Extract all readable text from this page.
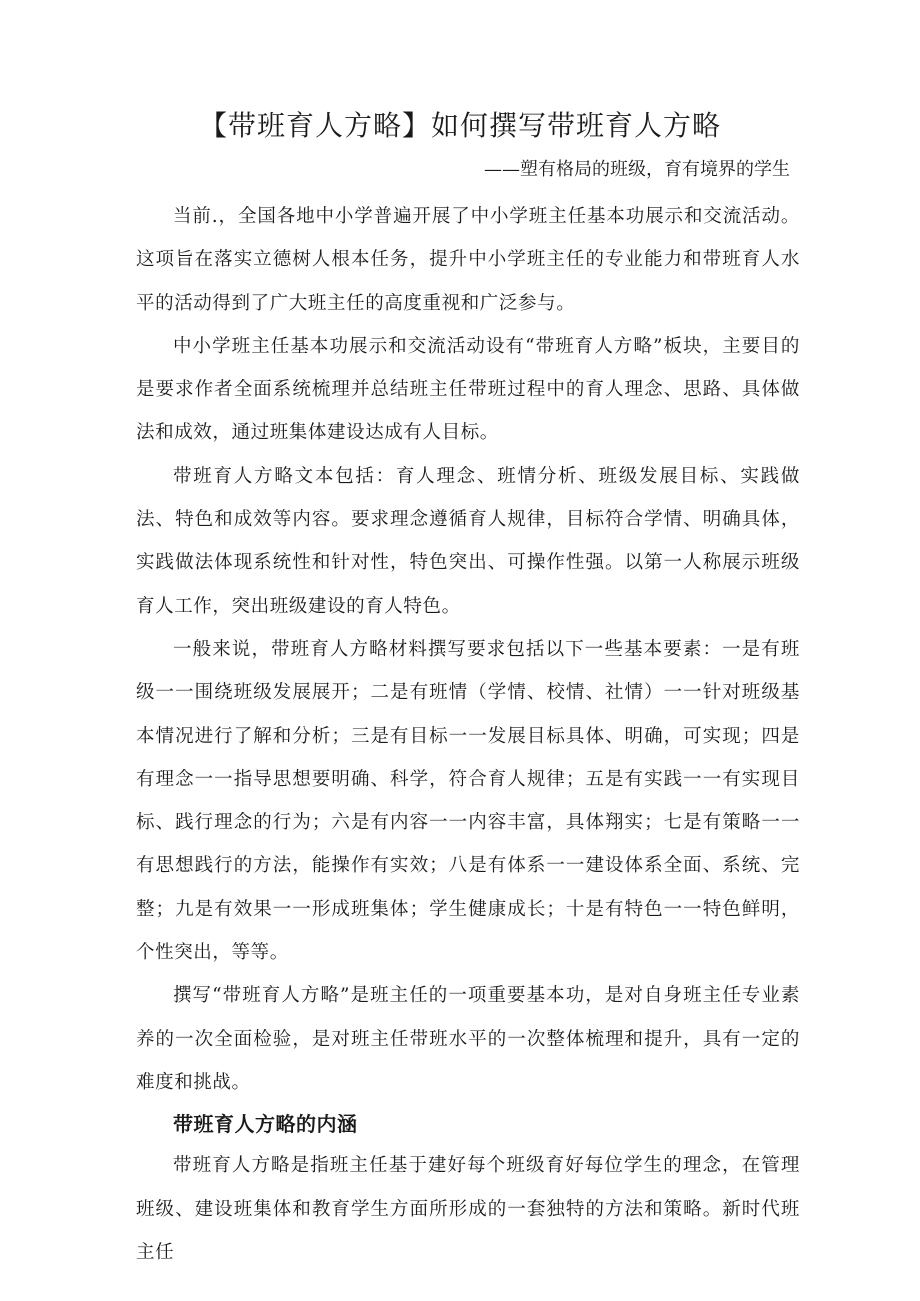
【带班育人方略】如何撰写带班育人方略
——塑有格局的班级，育有境界的学生

当前.，全国各地中小学普遍开展了中小学班主任基本功展示和交流活动。这项旨在落实立德树人根本任务，提升中小学班主任的专业能力和带班育人水平的活动得到了广大班主任的高度重视和广泛参与。

中小学班主任基本功展示和交流活动设有“带班育人方略”板块，主要目的是要求作者全面系统梳理并总结班主任带班过程中的育人理念、思路、具体做法和成效，通过班集体建设达成有人目标。

带班育人方略文本包括：育人理念、班情分析、班级发展目标、实践做法、特色和成效等内容。要求理念遵循育人规律，目标符合学情、明确具体，实践做法体现系统性和针对性，特色突出、可操作性强。以第一人称展示班级育人工作，突出班级建设的育人特色。

一般来说，带班育人方略材料撰写要求包括以下一些基本要素：一是有班级一一围绕班级发展展开；二是有班情（学情、校情、社情）一一针对班级基本情况进行了解和分析；三是有目标一一发展目标具体、明确，可实现；四是有理念一一指导思想要明确、科学，符合育人规律；五是有实践一一有实现目标、践行理念的行为；六是有内容一一内容丰富，具体翔实；七是有策略一一有思想践行的方法，能操作有实效；八是有体系一一建设体系全面、系统、完整；九是有效果一一形成班集体；学生健康成长；十是有特色一一特色鲜明，个性突出，等等。

撰写“带班育人方略”是班主任的一项重要基本功，是对自身班主任专业素养的一次全面检验，是对班主任带班水平的一次整体梳理和提升，具有一定的难度和挑战。

带班育人方略的内涵

带班育人方略是指班主任基于建好每个班级育好每位学生的理念，在管理班级、建设班集体和教育学生方面所形成的一套独特的方法和策略。新时代班主任
